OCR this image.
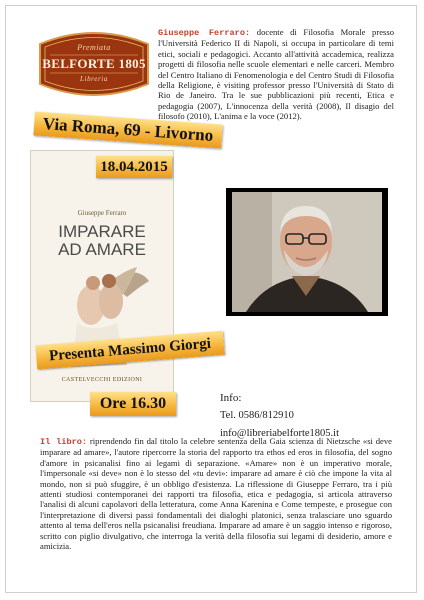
Premiata
BELFORTE 1805
Libreria
Giuseppe Ferraro: docente di Filosofia Morale presso l'Università Federico II di Napoli, si occupa in particolare di temi etici, sociali e pedagogici. Accanto all'attività accademica, realizza progetti di filosofia nelle scuole elementari e nelle carceri. Membro del Centro Italiano di Fenomenologia e del Centro Studi di Filosofia della Religione, è visiting professor presso l'Università di Stato di Rio de Janeiro. Tra le sue pubblicazioni più recenti, Etica e pedagogia (2007), L'innocenza della verità (2008), Il disagio del filosofo (2010), L'anima e la voce (2012).
Giuseppe Ferraro
IMPARARE
AD AMARE
CASTELVECCHI EDIZIONI
Via Roma, 69 - Livorno
18.04.2015
Presenta Massimo Giorgi
Ore 16.30	Info:
Tel. 0586/812910
info@libreriabelforte1805.it
Il libro: riprendendo fin dal titolo la celebre sentenza della Gaia scienza di Nietzsche «si deve imparare ad amare», l'autore ripercorre la storia del rapporto tra ethos ed eros in filosofia, del sogno d'amore in psicanalisi fino ai legami di separazione. «Amare» non è un imperativo morale, l'impersonale «si deve» non è lo stesso del «tu devi»: imparare ad amare è ciò che impone la vita al mondo, non si può sfuggire, è un obbligo d'esistenza. La riflessione di Giuseppe Ferraro, tra i più attenti studiosi contemporanei dei rapporti tra filosofia, etica e pedagogia, si articola attraverso l'analisi di alcuni capolavori della letteratura, come Anna Karenina e Come tempeste, e prosegue con l'interpretazione di diversi passi fondamentali dei dialoghi platonici, senza tralasciare uno sguardo attento al tema dell'eros nella psicanalisi freudiana. Imparare ad amare è un saggio intenso e rigoroso, scritto con piglio divulgativo, che interroga la verità della filosofia sui legami di desiderio, amore e amicizia.
